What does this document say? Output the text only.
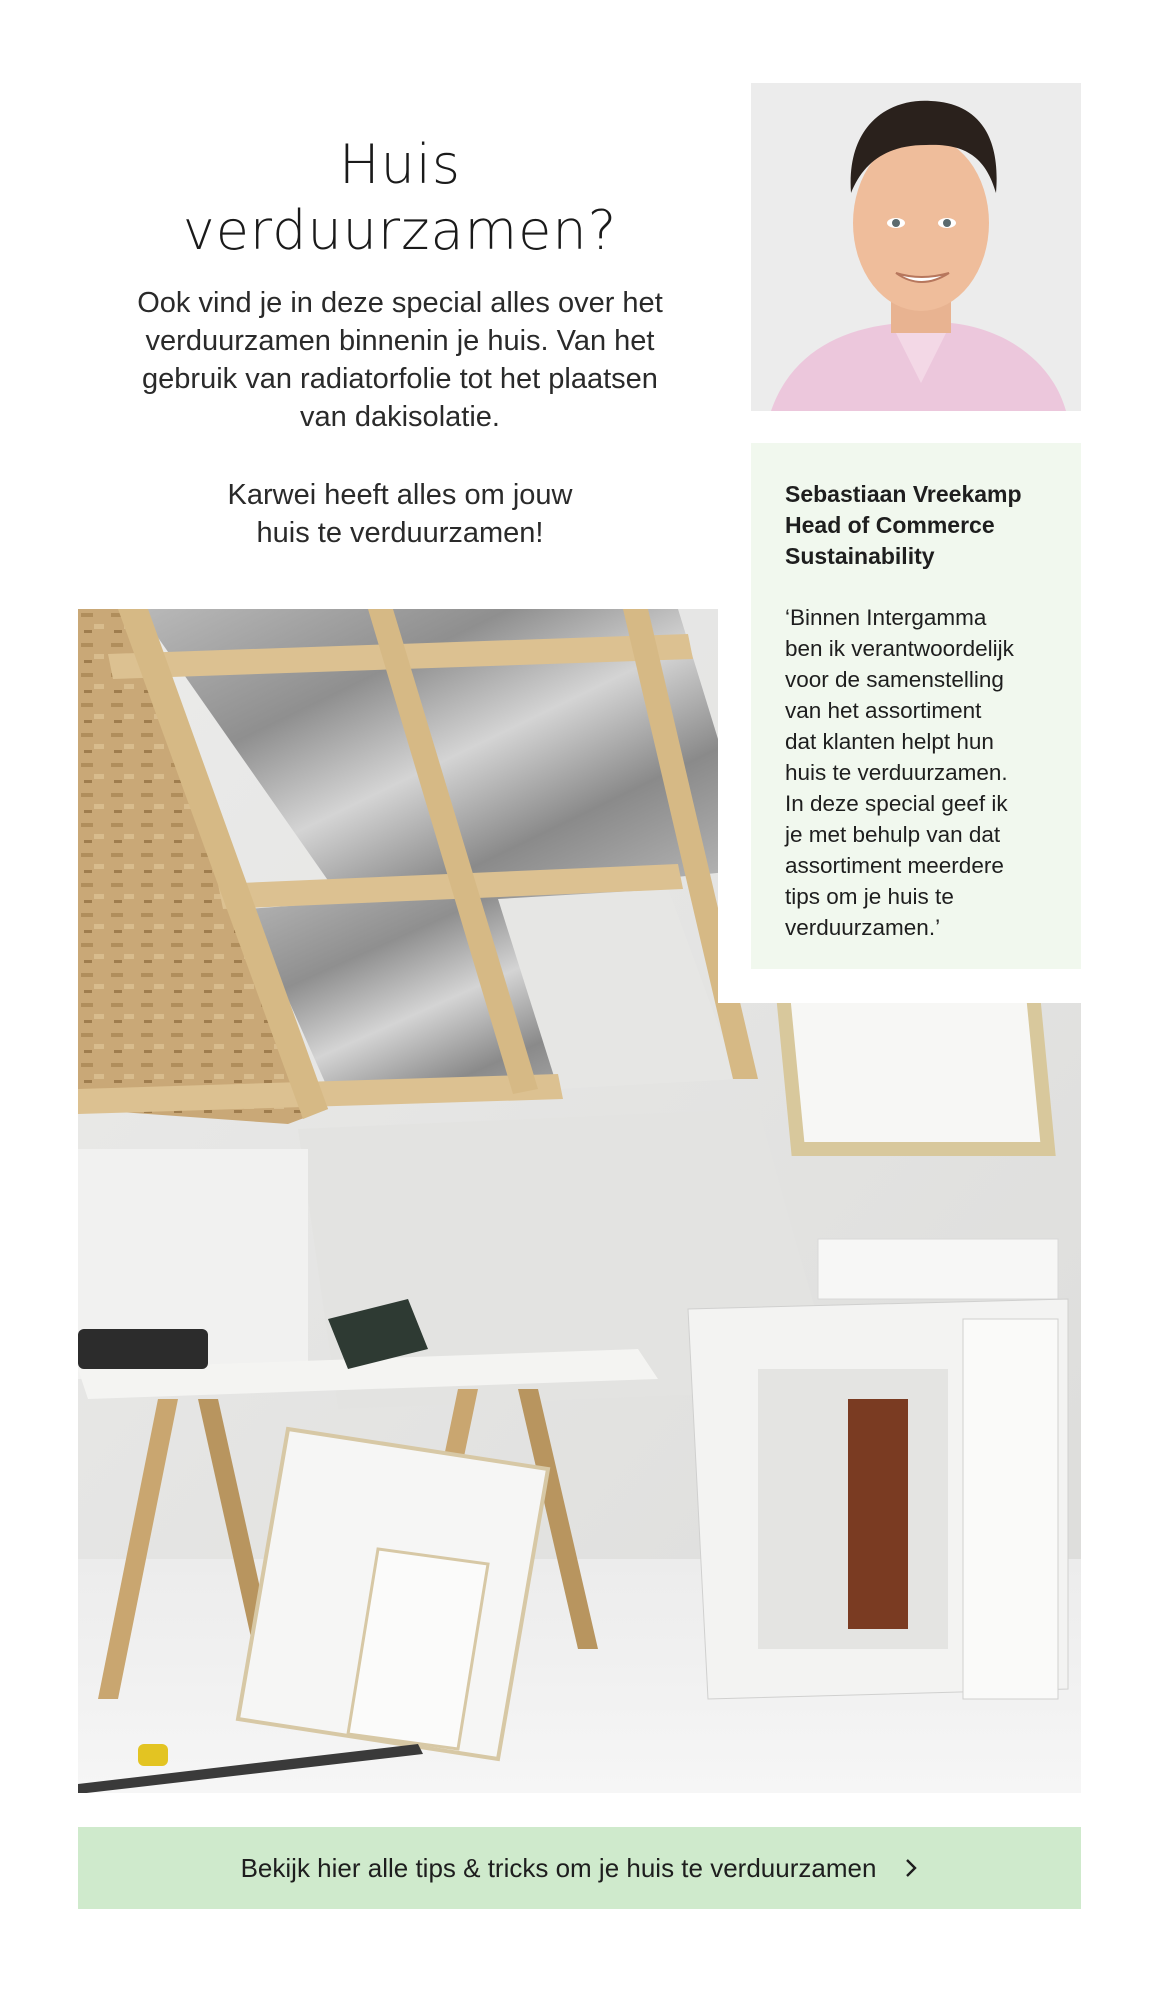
Huis
verduurzamen?

Ook vind je in deze special alles over het
verduurzamen binnenin je huis. Van het
gebruik van radiatorfolie tot het plaatsen
van dakisolatie.

Karwei heeft alles om jouw
huis te verduurzamen!

Sebastiaan Vreekamp
Head of Commerce
Sustainability

‘Binnen Intergamma
ben ik verantwoordelijk
voor de samenstelling
van het assortiment
dat klanten helpt hun
huis te verduurzamen.
In deze special geef ik
je met behulp van dat
assortiment meerdere
tips om je huis te
verduurzamen.’

Bekijk hier alle tips & tricks om je huis te verduurzamen
